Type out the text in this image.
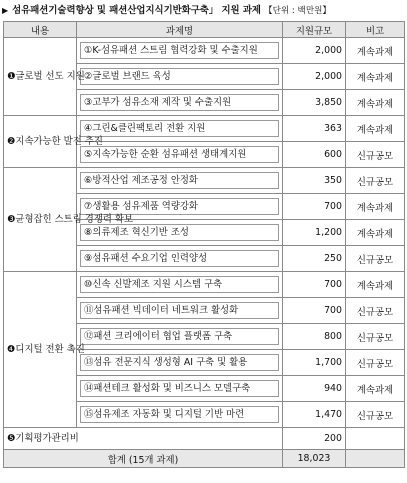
▶ 섬유패션기술력향상 및 패션산업지식기반화구축」 지원 과제 【단위 : 백만원】
내용	과제명	지원규모	비고
❶글로벌 선도 지원	①K-섬유패션 스트림 협력강화 및 수출지원	2,000	계속과제

	②글로벌 브랜드 육성	2,000	계속과제

	③고부가 섬유소재 제작 및 수출지원	3,850	계속과제
❷지속가능한 발전 추진	④그린&클린팩토리 전환 지원	363	계속과제

	⑤지속가능한 순환 섬유패션 생태계지원	600	신규공모
❸균형잡힌 스트림 경쟁력 확보	⑥방적산업 제조공정 안정화	350	신규공모

	⑦생활용 섬유제품 역량강화	700	계속과제

	⑧의류제조 혁신기반 조성	1,200	계속과제

	⑨섬유패션 수요기업 인력양성	250	신규공모
❹디지털 전환 촉진	⑩신속 신발제조 지원 시스템 구축	700	계속과제

	⑪섬유패션 빅데이터 네트워크 활성화	700	신규공모

	⑫패션 크리에이터 협업 플랫폼 구축	800	신규공모

	⑬섬유 전문지식 생성형 AI 구축 및 활용	1,700	신규공모

	⑭패션테크 활성화 및 비즈니스 모델구축	940	계속과제

	⑮섬유제조 자동화 및 디지털 기반 마련	1,470	신규공모
❺기획평가관리비		200	
합계 (15개 과제)		18,023	
